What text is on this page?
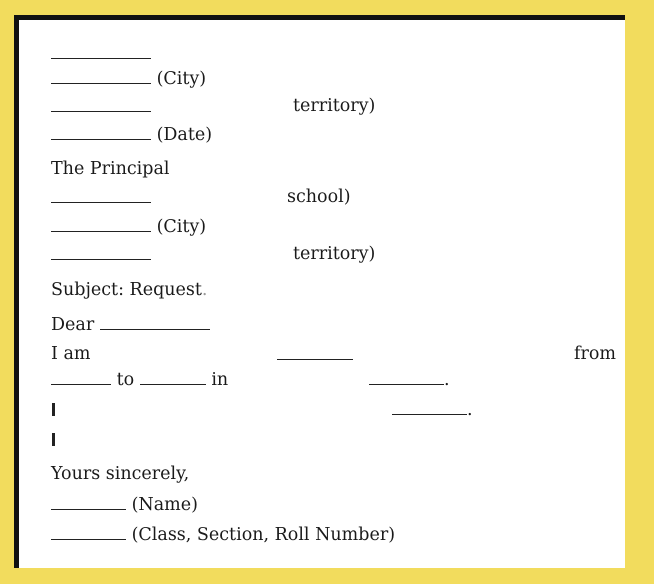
(City)
territory)
(Date)
The Principal
school)
(City)
territory)
Subject: Request.
Dear
I am	from
to	in	.
.
Yours sincerely,
(Name)
(Class, Section, Roll Number)
